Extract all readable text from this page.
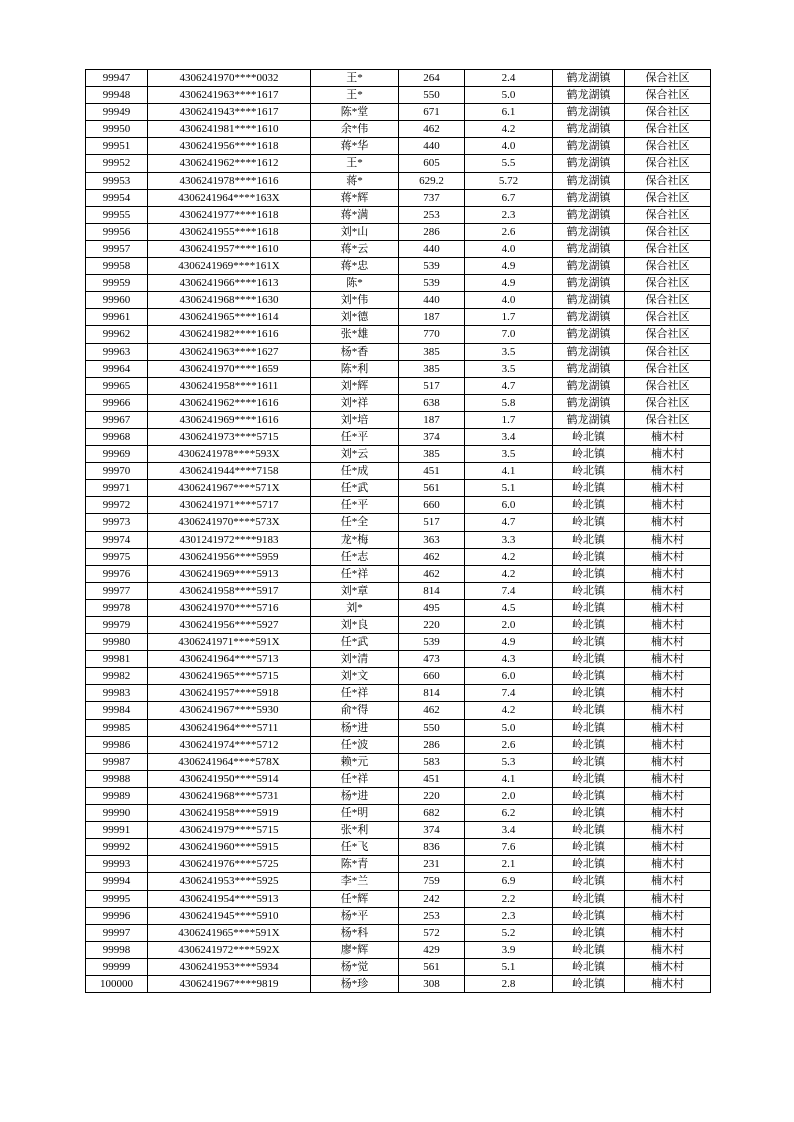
99947	4306241970****0032	王*	264	2.4	鹤龙湖镇	保合社区
99948	4306241963****1617	王*	550	5.0	鹤龙湖镇	保合社区
99949	4306241943****1617	陈*堂	671	6.1	鹤龙湖镇	保合社区
99950	4306241981****1610	余*伟	462	4.2	鹤龙湖镇	保合社区
99951	4306241956****1618	蒋*华	440	4.0	鹤龙湖镇	保合社区
99952	4306241962****1612	王*	605	5.5	鹤龙湖镇	保合社区
99953	4306241978****1616	蒋*	629.2	5.72	鹤龙湖镇	保合社区
99954	4306241964****163X	蒋*辉	737	6.7	鹤龙湖镇	保合社区
99955	4306241977****1618	蒋*满	253	2.3	鹤龙湖镇	保合社区
99956	4306241955****1618	刘*山	286	2.6	鹤龙湖镇	保合社区
99957	4306241957****1610	蒋*云	440	4.0	鹤龙湖镇	保合社区
99958	4306241969****161X	蒋*忠	539	4.9	鹤龙湖镇	保合社区
99959	4306241966****1613	陈*	539	4.9	鹤龙湖镇	保合社区
99960	4306241968****1630	刘*伟	440	4.0	鹤龙湖镇	保合社区
99961	4306241965****1614	刘*德	187	1.7	鹤龙湖镇	保合社区
99962	4306241982****1616	张*雄	770	7.0	鹤龙湖镇	保合社区
99963	4306241963****1627	杨*香	385	3.5	鹤龙湖镇	保合社区
99964	4306241970****1659	陈*利	385	3.5	鹤龙湖镇	保合社区
99965	4306241958****1611	刘*辉	517	4.7	鹤龙湖镇	保合社区
99966	4306241962****1616	刘*祥	638	5.8	鹤龙湖镇	保合社区
99967	4306241969****1616	刘*培	187	1.7	鹤龙湖镇	保合社区
99968	4306241973****5715	任*平	374	3.4	岭北镇	楠木村
99969	4306241978****593X	刘*云	385	3.5	岭北镇	楠木村
99970	4306241944****7158	任*成	451	4.1	岭北镇	楠木村
99971	4306241967****571X	任*武	561	5.1	岭北镇	楠木村
99972	4306241971****5717	任*平	660	6.0	岭北镇	楠木村
99973	4306241970****573X	任*全	517	4.7	岭北镇	楠木村
99974	4301241972****9183	龙*梅	363	3.3	岭北镇	楠木村
99975	4306241956****5959	任*志	462	4.2	岭北镇	楠木村
99976	4306241969****5913	任*祥	462	4.2	岭北镇	楠木村
99977	4306241958****5917	刘*章	814	7.4	岭北镇	楠木村
99978	4306241970****5716	刘*	495	4.5	岭北镇	楠木村
99979	4306241956****5927	刘*良	220	2.0	岭北镇	楠木村
99980	4306241971****591X	任*武	539	4.9	岭北镇	楠木村
99981	4306241964****5713	刘*清	473	4.3	岭北镇	楠木村
99982	4306241965****5715	刘*文	660	6.0	岭北镇	楠木村
99983	4306241957****5918	任*祥	814	7.4	岭北镇	楠木村
99984	4306241967****5930	俞*得	462	4.2	岭北镇	楠木村
99985	4306241964****5711	杨*进	550	5.0	岭北镇	楠木村
99986	4306241974****5712	任*波	286	2.6	岭北镇	楠木村
99987	4306241964****578X	赖*元	583	5.3	岭北镇	楠木村
99988	4306241950****5914	任*祥	451	4.1	岭北镇	楠木村
99989	4306241968****5731	杨*进	220	2.0	岭北镇	楠木村
99990	4306241958****5919	任*明	682	6.2	岭北镇	楠木村
99991	4306241979****5715	张*利	374	3.4	岭北镇	楠木村
99992	4306241960****5915	任*飞	836	7.6	岭北镇	楠木村
99993	4306241976****5725	陈*青	231	2.1	岭北镇	楠木村
99994	4306241953****5925	李*兰	759	6.9	岭北镇	楠木村
99995	4306241954****5913	任*辉	242	2.2	岭北镇	楠木村
99996	4306241945****5910	杨*平	253	2.3	岭北镇	楠木村
99997	4306241965****591X	杨*科	572	5.2	岭北镇	楠木村
99998	4306241972****592X	廖*辉	429	3.9	岭北镇	楠木村
99999	4306241953****5934	杨*觉	561	5.1	岭北镇	楠木村
100000	4306241967****9819	杨*珍	308	2.8	岭北镇	楠木村
